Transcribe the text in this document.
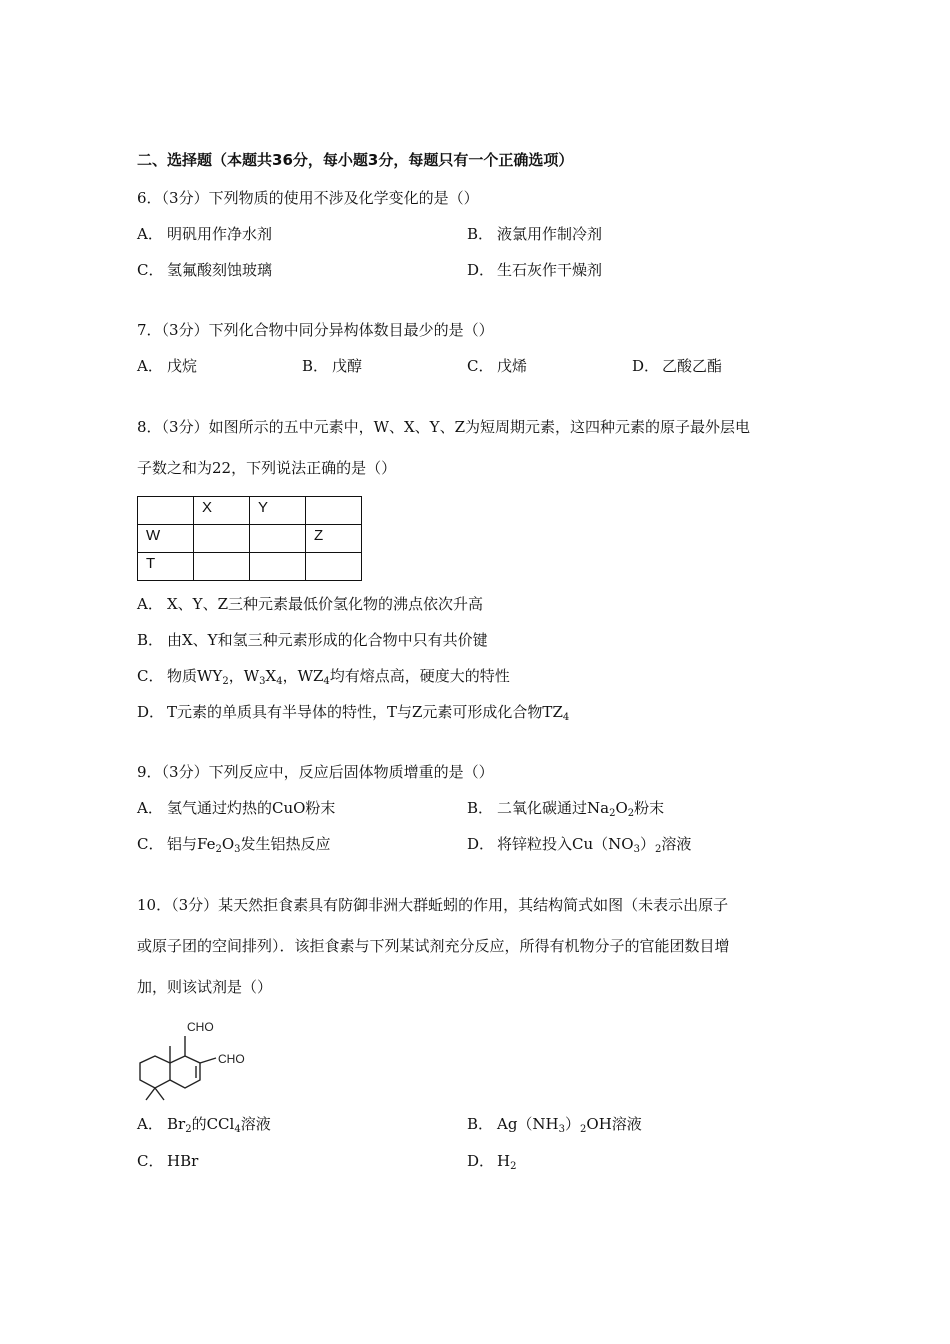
二、选择题（本题共36分，每小题3分，每题只有一个正确选项）
6．（3分）下列物质的使用不涉及化学变化的是（）
A． 明矾用作净水剂	B． 液氯用作制冷剂
C． 氢氟酸刻蚀玻璃	D． 生石灰作干燥剂
7．（3分）下列化合物中同分异构体数目最少的是（）
A． 戊烷	B． 戊醇	C． 戊烯	D． 乙酸乙酯
8．（3分）如图所示的五中元素中，W、X、Y、Z为短周期元素，这四种元素的原子最外层电
子数之和为22，下列说法正确的是（）
	X	Y	
W			Z
T			
A． X、Y、Z三种元素最低价氢化物的沸点依次升高
B． 由X、Y和氢三种元素形成的化合物中只有共价键
C． 物质$WY_2$，$W_3X_4$，$WZ_4$均有熔点高，硬度大的特性
D． T元素的单质具有半导体的特性，T与Z元素可形成化合物$TZ_4$
9．（3分）下列反应中，反应后固体物质增重的是（）
A． 氢气通过灼热的CuO粉末	B． 二氧化碳通过$Na_2O_2$粉末
C． 铝与$Fe_2O_3$发生铝热反应	D． 将锌粒投入$Cu(NO_3)_2$溶液
10．（3分）某天然拒食素具有防御非洲大群蚯蚓的作用，其结构简式如图（未表示出原子
或原子团的空间排列）．该拒食素与下列某试剂充分反应，所得有机物分子的官能团数目增
加，则该试剂是（）
CHO
CHO
A． $Br_2$的CCl$_4$溶液	B． $Ag(NH_3)_2OH$溶液
C． HBr	D． $H_2$
